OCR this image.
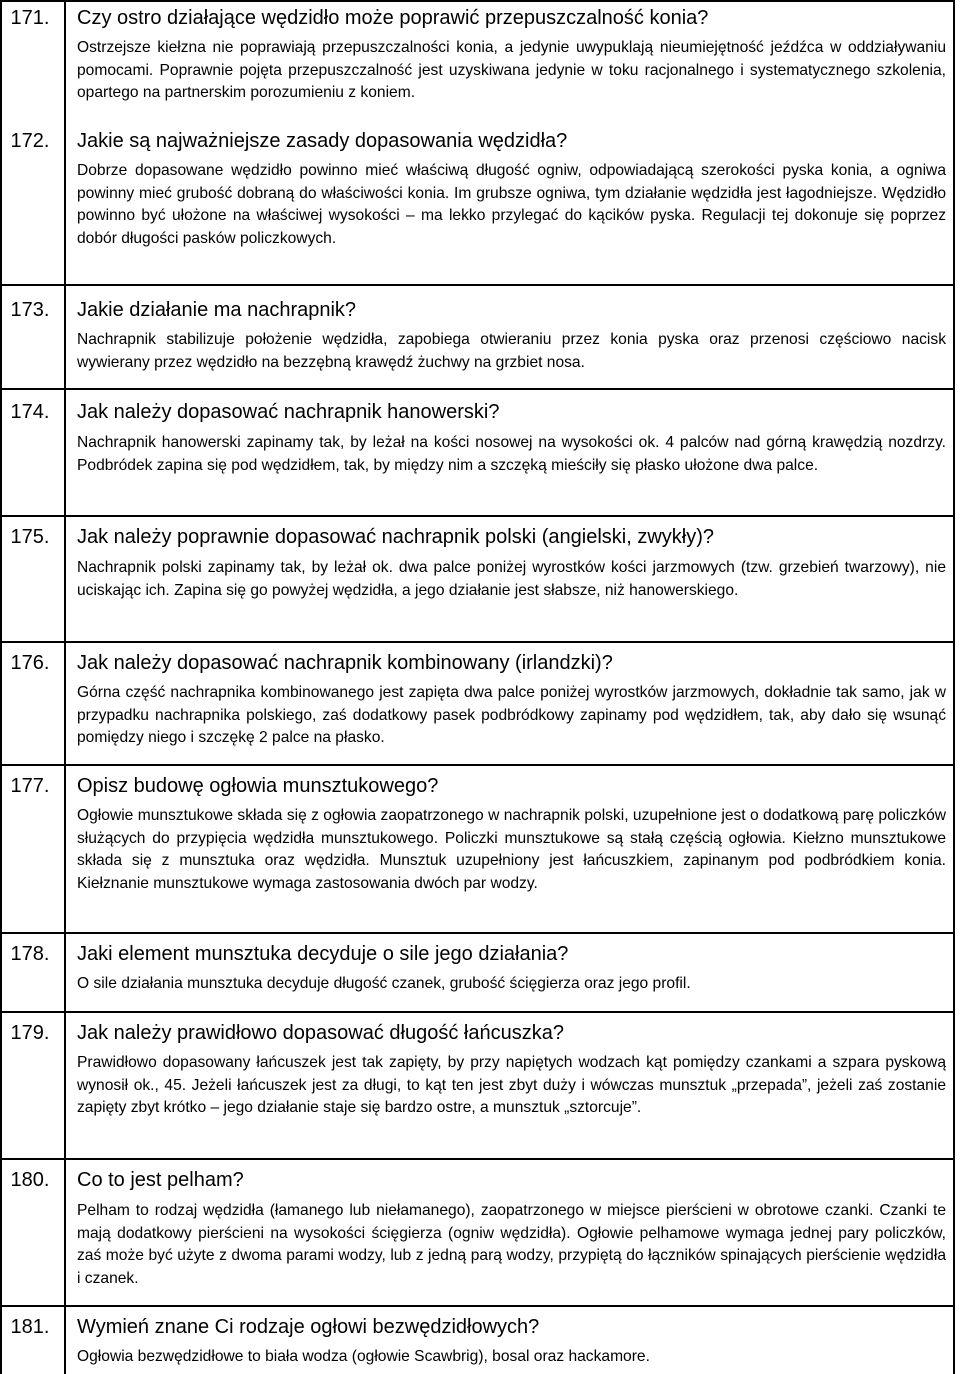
171.	Czy ostro działające wędzidło może poprawić przepuszczalność konia?
Ostrzejsze kiełzna nie poprawiają przepuszczalności konia, a jedynie uwypuklają nieumiejętność jeźdźca w oddziaływaniu pomocami. Poprawnie pojęta przepuszczalność jest uzyskiwana jedynie w toku racjonalnego i systematycznego szkolenia, opartego na partnerskim porozumieniu z koniem.
172.	Jakie są najważniejsze zasady dopasowania wędzidła?
Dobrze dopasowane wędzidło powinno mieć właściwą długość ogniw, odpowiadającą szerokości pyska konia, a ogniwa powinny mieć grubość dobraną do właściwości konia. Im grubsze ogniwa, tym działanie wędzidła jest łagodniejsze. Wędzidło powinno być ułożone na właściwej wysokości – ma lekko przylegać do kącików pyska. Regulacji tej dokonuje się poprzez dobór długości pasków policzkowych.
173.	Jakie działanie ma nachrapnik?
Nachrapnik stabilizuje położenie wędzidła, zapobiega otwieraniu przez konia pyska oraz przenosi częściowo nacisk wywierany przez wędzidło na bezzębną krawędź żuchwy na grzbiet nosa.
174.	Jak należy dopasować nachrapnik hanowerski?
Nachrapnik hanowerski zapinamy tak, by leżał na kości nosowej na wysokości ok. 4 palców nad górną krawędzią nozdrzy. Podbródek zapina się pod wędzidłem, tak, by między nim a szczęką mieściły się płasko ułożone dwa palce.
175.	Jak należy poprawnie dopasować nachrapnik polski (angielski, zwykły)?
Nachrapnik polski zapinamy tak, by leżał ok. dwa palce poniżej wyrostków kości jarzmowych (tzw. grzebień twarzowy), nie uciskając ich. Zapina się go powyżej wędzidła, a jego działanie jest słabsze, niż hanowerskiego.
176.	Jak należy dopasować nachrapnik kombinowany (irlandzki)?
Górna część nachrapnika kombinowanego jest zapięta dwa palce poniżej wyrostków jarzmowych, dokładnie tak samo, jak w przypadku nachrapnika polskiego, zaś dodatkowy pasek podbródkowy zapinamy pod wędzidłem, tak, aby dało się wsunąć pomiędzy niego i szczękę 2 palce na płasko.
177.	Opisz budowę ogłowia munsztukowego?
Ogłowie munsztukowe składa się z ogłowia zaopatrzonego w nachrapnik polski, uzupełnione jest o dodatkową parę policzków służących do przypięcia wędzidła munsztukowego. Policzki munsztukowe są stałą częścią ogłowia. Kiełzno munsztukowe składa się z munsztuka oraz wędzidła. Munsztuk uzupełniony jest łańcuszkiem, zapinanym pod podbródkiem konia. Kiełznanie munsztukowe wymaga zastosowania dwóch par wodzy.
178.	Jaki element munsztuka decyduje o sile jego działania?
O sile działania munsztuka decyduje długość czanek, grubość ścięgierza oraz jego profil.
179.	Jak należy prawidłowo dopasować długość łańcuszka?
Prawidłowo dopasowany łańcuszek jest tak zapięty, by przy napiętych wodzach kąt pomiędzy czankami a szpara pyskową wynosił ok., 45. Jeżeli łańcuszek jest za długi, to kąt ten jest zbyt duży i wówczas munsztuk „przepada”, jeżeli zaś zostanie zapięty zbyt krótko – jego działanie staje się bardzo ostre, a munsztuk „sztorcuje”.
180.	Co to jest pelham?
Pelham to rodzaj wędzidła (łamanego lub niełamanego), zaopatrzonego w miejsce pierścieni w obrotowe czanki. Czanki te mają dodatkowy pierścieni na wysokości ścięgierza (ogniw wędzidła). Ogłowie pelhamowe wymaga jednej pary policzków, zaś może być użyte z dwoma parami wodzy, lub z jedną parą wodzy, przypiętą do łączników spinających pierścienie wędzidła i czanek.
181.	Wymień znane Ci rodzaje ogłowi bezwędzidłowych?
Ogłowia bezwędzidłowe to biała wodza (ogłowie Scawbrig), bosal oraz hackamore.
